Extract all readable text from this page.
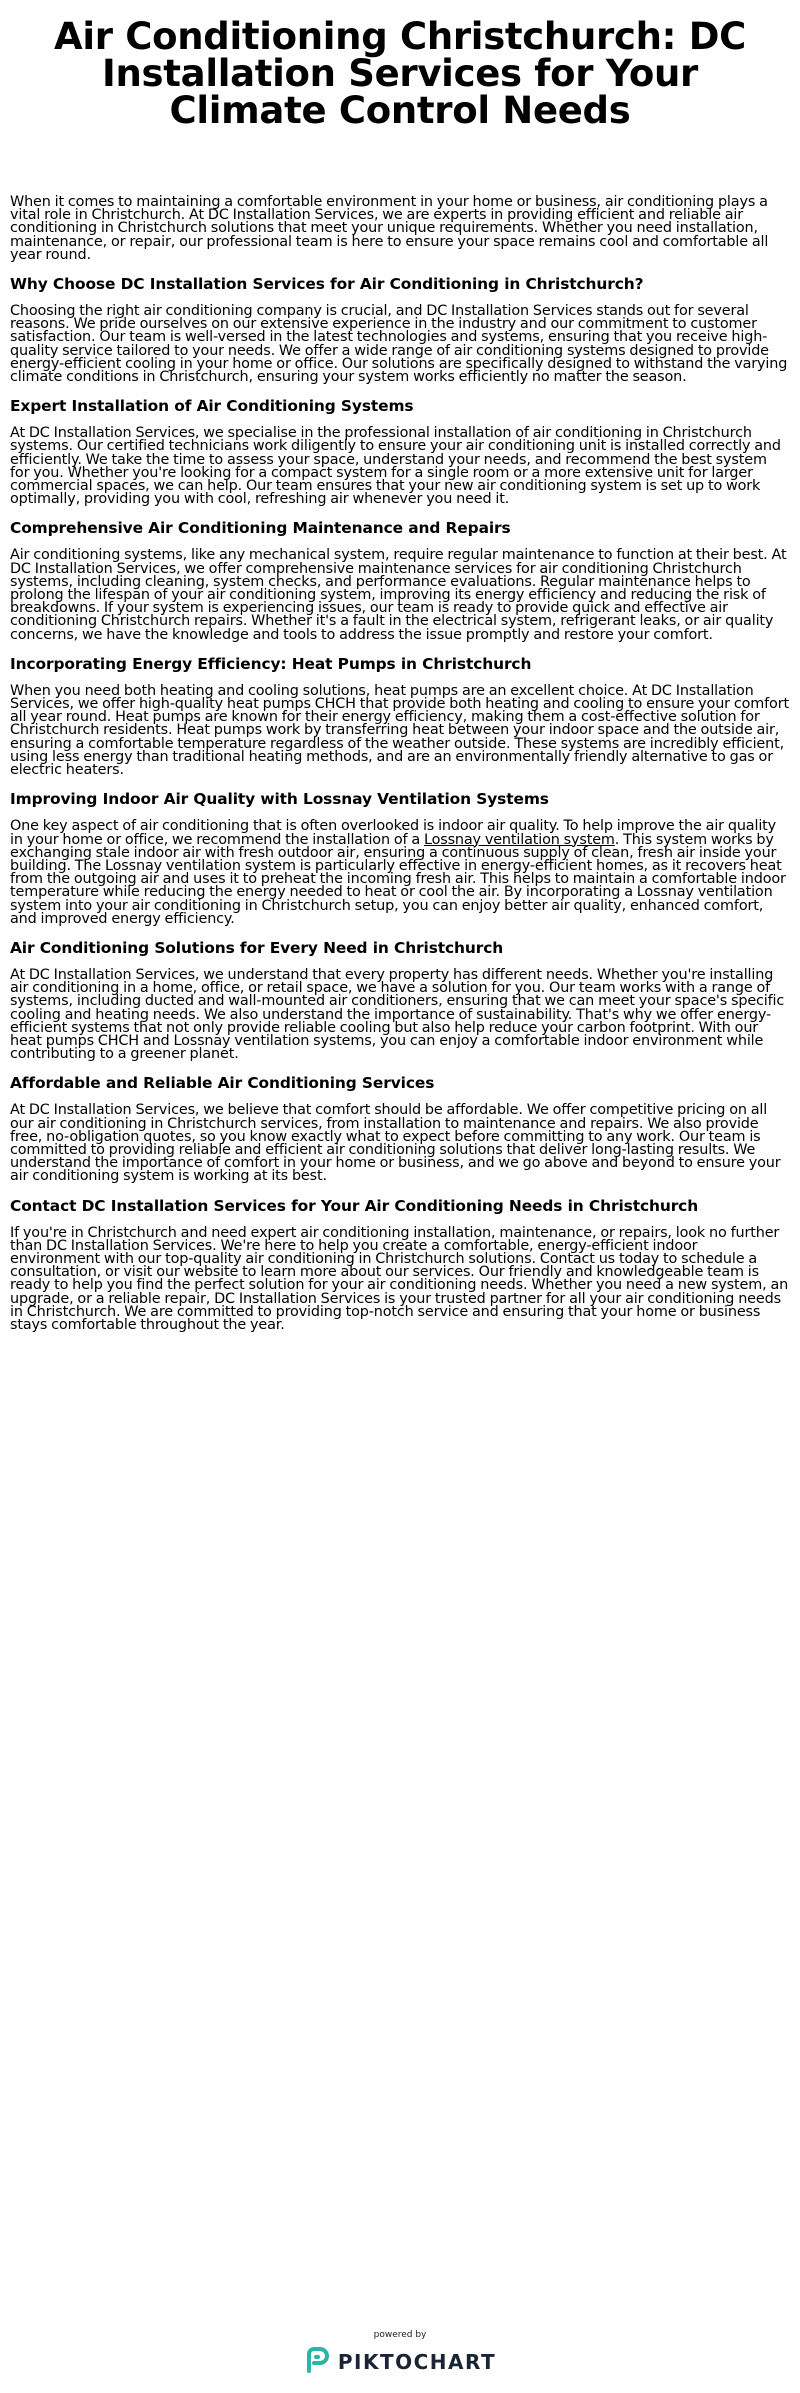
Air Conditioning Christchurch: DC Installation Services for Your Climate Control Needs

When it comes to maintaining a comfortable environment in your home or business, air conditioning plays a vital role in Christchurch. At DC Installation Services, we are experts in providing efficient and reliable air conditioning in Christchurch solutions that meet your unique requirements. Whether you need installation, maintenance, or repair, our professional team is here to ensure your space remains cool and comfortable all year round.

Why Choose DC Installation Services for Air Conditioning in Christchurch?

Choosing the right air conditioning company is crucial, and DC Installation Services stands out for several reasons. We pride ourselves on our extensive experience in the industry and our commitment to customer satisfaction. Our team is well-versed in the latest technologies and systems, ensuring that you receive high-quality service tailored to your needs. We offer a wide range of air conditioning systems designed to provide energy-efficient cooling in your home or office. Our solutions are specifically designed to withstand the varying climate conditions in Christchurch, ensuring your system works efficiently no matter the season.

Expert Installation of Air Conditioning Systems

At DC Installation Services, we specialise in the professional installation of air conditioning in Christchurch systems. Our certified technicians work diligently to ensure your air conditioning unit is installed correctly and efficiently. We take the time to assess your space, understand your needs, and recommend the best system for you. Whether you're looking for a compact system for a single room or a more extensive unit for larger commercial spaces, we can help. Our team ensures that your new air conditioning system is set up to work optimally, providing you with cool, refreshing air whenever you need it.

Comprehensive Air Conditioning Maintenance and Repairs

Air conditioning systems, like any mechanical system, require regular maintenance to function at their best. At DC Installation Services, we offer comprehensive maintenance services for air conditioning Christchurch systems, including cleaning, system checks, and performance evaluations. Regular maintenance helps to prolong the lifespan of your air conditioning system, improving its energy efficiency and reducing the risk of breakdowns. If your system is experiencing issues, our team is ready to provide quick and effective air conditioning Christchurch repairs. Whether it's a fault in the electrical system, refrigerant leaks, or air quality concerns, we have the knowledge and tools to address the issue promptly and restore your comfort.

Incorporating Energy Efficiency: Heat Pumps in Christchurch

When you need both heating and cooling solutions, heat pumps are an excellent choice. At DC Installation Services, we offer high-quality heat pumps CHCH that provide both heating and cooling to ensure your comfort all year round. Heat pumps are known for their energy efficiency, making them a cost-effective solution for Christchurch residents. Heat pumps work by transferring heat between your indoor space and the outside air, ensuring a comfortable temperature regardless of the weather outside. These systems are incredibly efficient, using less energy than traditional heating methods, and are an environmentally friendly alternative to gas or electric heaters.

Improving Indoor Air Quality with Lossnay Ventilation Systems

One key aspect of air conditioning that is often overlooked is indoor air quality. To help improve the air quality in your home or office, we recommend the installation of a Lossnay ventilation system. This system works by exchanging stale indoor air with fresh outdoor air, ensuring a continuous supply of clean, fresh air inside your building. The Lossnay ventilation system is particularly effective in energy-efficient homes, as it recovers heat from the outgoing air and uses it to preheat the incoming fresh air. This helps to maintain a comfortable indoor temperature while reducing the energy needed to heat or cool the air. By incorporating a Lossnay ventilation system into your air conditioning in Christchurch setup, you can enjoy better air quality, enhanced comfort, and improved energy efficiency.

Air Conditioning Solutions for Every Need in Christchurch

At DC Installation Services, we understand that every property has different needs. Whether you're installing air conditioning in a home, office, or retail space, we have a solution for you. Our team works with a range of systems, including ducted and wall-mounted air conditioners, ensuring that we can meet your space's specific cooling and heating needs. We also understand the importance of sustainability. That's why we offer energy-efficient systems that not only provide reliable cooling but also help reduce your carbon footprint. With our heat pumps CHCH and Lossnay ventilation systems, you can enjoy a comfortable indoor environment while contributing to a greener planet.

Affordable and Reliable Air Conditioning Services

At DC Installation Services, we believe that comfort should be affordable. We offer competitive pricing on all our air conditioning in Christchurch services, from installation to maintenance and repairs. We also provide free, no-obligation quotes, so you know exactly what to expect before committing to any work. Our team is committed to providing reliable and efficient air conditioning solutions that deliver long-lasting results. We understand the importance of comfort in your home or business, and we go above and beyond to ensure your air conditioning system is working at its best.

Contact DC Installation Services for Your Air Conditioning Needs in Christchurch

If you're in Christchurch and need expert air conditioning installation, maintenance, or repairs, look no further than DC Installation Services. We're here to help you create a comfortable, energy-efficient indoor environment with our top-quality air conditioning in Christchurch solutions. Contact us today to schedule a consultation, or visit our website to learn more about our services. Our friendly and knowledgeable team is ready to help you find the perfect solution for your air conditioning needs. Whether you need a new system, an upgrade, or a reliable repair, DC Installation Services is your trusted partner for all your air conditioning needs in Christchurch. We are committed to providing top-notch service and ensuring that your home or business stays comfortable throughout the year.

powered by
PIKTOCHART
